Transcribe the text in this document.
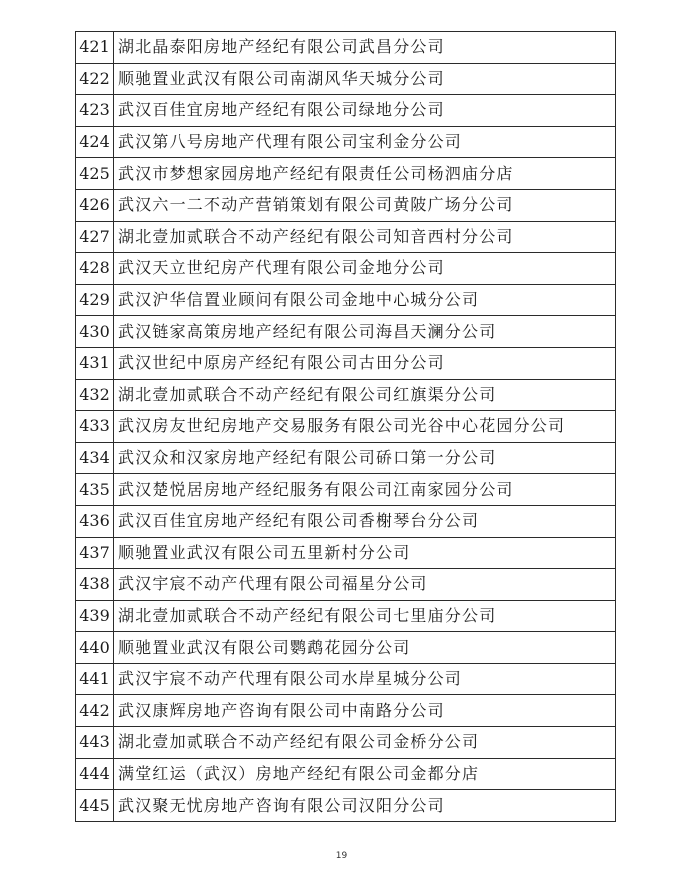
421	湖北晶泰阳房地产经纪有限公司武昌分公司
422	顺驰置业武汉有限公司南湖风华天城分公司
423	武汉百佳宜房地产经纪有限公司绿地分公司
424	武汉第八号房地产代理有限公司宝利金分公司
425	武汉市梦想家园房地产经纪有限责任公司杨泗庙分店
426	武汉六一二不动产营销策划有限公司黄陂广场分公司
427	湖北壹加贰联合不动产经纪有限公司知音西村分公司
428	武汉天立世纪房产代理有限公司金地分公司
429	武汉沪华信置业顾问有限公司金地中心城分公司
430	武汉链家高策房地产经纪有限公司海昌天澜分公司
431	武汉世纪中原房产经纪有限公司古田分公司
432	湖北壹加贰联合不动产经纪有限公司红旗渠分公司
433	武汉房友世纪房地产交易服务有限公司光谷中心花园分公司
434	武汉众和汉家房地产经纪有限公司硚口第一分公司
435	武汉楚悦居房地产经纪服务有限公司江南家园分公司
436	武汉百佳宜房地产经纪有限公司香榭琴台分公司
437	顺驰置业武汉有限公司五里新村分公司
438	武汉宇宸不动产代理有限公司福星分公司
439	湖北壹加贰联合不动产经纪有限公司七里庙分公司
440	顺驰置业武汉有限公司鹦鹉花园分公司
441	武汉宇宸不动产代理有限公司水岸星城分公司
442	武汉康辉房地产咨询有限公司中南路分公司
443	湖北壹加贰联合不动产经纪有限公司金桥分公司
444	满堂红运（武汉）房地产经纪有限公司金都分店
445	武汉聚无忧房地产咨询有限公司汉阳分公司
19
